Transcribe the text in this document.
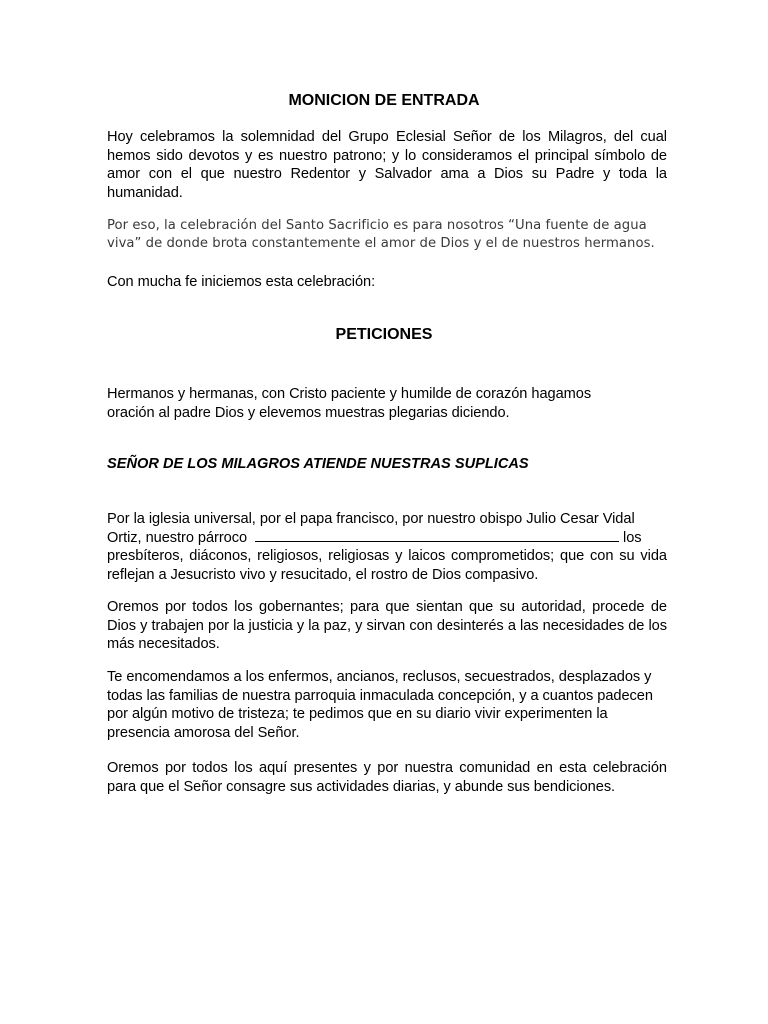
MONICION DE ENTRADA

Hoy celebramos la solemnidad del Grupo Eclesial Señor de los Milagros, del cual hemos sido devotos y es nuestro patrono; y lo consideramos el principal símbolo de amor con el que nuestro Redentor y Salvador ama a Dios su Padre y toda la humanidad.

Por eso, la celebración del Santo Sacrificio es para nosotros “Una fuente de agua
viva” de donde brota constantemente el amor de Dios y el de nuestros hermanos.

Con mucha fe iniciemos esta celebración:

PETICIONES

Hermanos y hermanas, con Cristo paciente y humilde de corazón hagamos oración al padre Dios y elevemos muestras plegarias diciendo.

SEÑOR DE LOS MILAGROS ATIENDE NUESTRAS SUPLICAS

Por la iglesia universal, por el papa francisco, por nuestro obispo Julio Cesar Vidal
Ortiz, nuestro párroco	los
presbíteros, diáconos, religiosos, religiosas y laicos comprometidos; que con su vida reflejan a Jesucristo vivo y resucitado, el rostro de Dios compasivo.

Oremos por todos los gobernantes; para que sientan que su autoridad, procede de Dios y trabajen por la justicia y la paz, y sirvan con desinterés a las necesidades de los más necesitados.

Te encomendamos a los enfermos, ancianos, reclusos, secuestrados, desplazados y todas las familias de nuestra parroquia inmaculada concepción, y a cuantos padecen por algún motivo de tristeza; te pedimos que en su diario vivir experimenten la presencia amorosa del Señor.

Oremos por todos los aquí presentes y por nuestra comunidad en esta celebración para que el Señor consagre sus actividades diarias, y abunde sus bendiciones.
